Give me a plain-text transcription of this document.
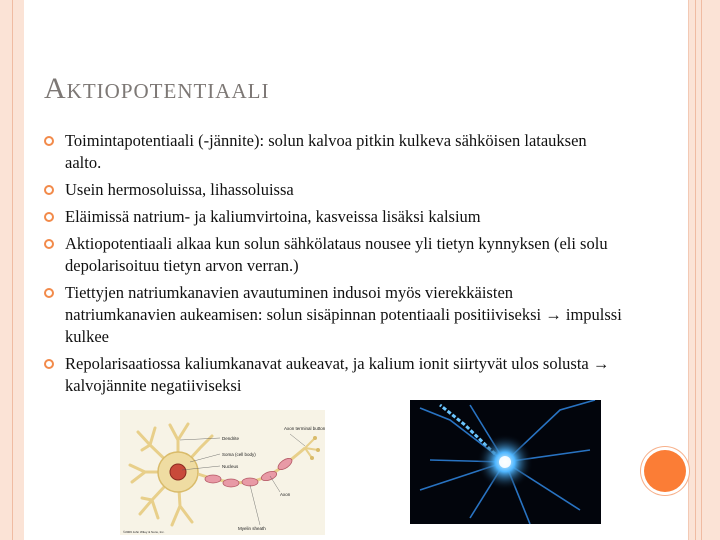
Aktiopotentiaali
Toimintapotentiaali (-jännite): solun kalvoa pitkin kulkeva sähköisen latauksen aalto.
Usein hermosoluissa, lihassoluissa
Eläimissä natrium- ja kaliumvirtoina, kasveissa lisäksi kalsium
Aktiopotentiaali alkaa kun solun sähkölataus nousee yli tietyn kynnyksen (eli solu depolarisoituu tietyn arvon verran.)
Tiettyjen natriumkanavien avautuminen indusoi myös vierekkäisten natriumkanavien aukeamisen: solun sisäpinnan potentiaali positiiviseksi → impulssi kulkee
Repolarisaatiossa kaliumkanavat aukeavat, ja kalium ionit siirtyvät ulos solusta → kalvojännite negatiiviseksi
Dendrite
Soma (cell body)
Nucleus
Axon
Myelin sheath
Axon terminal button
©2006 John Wiley & Sons, Inc.
